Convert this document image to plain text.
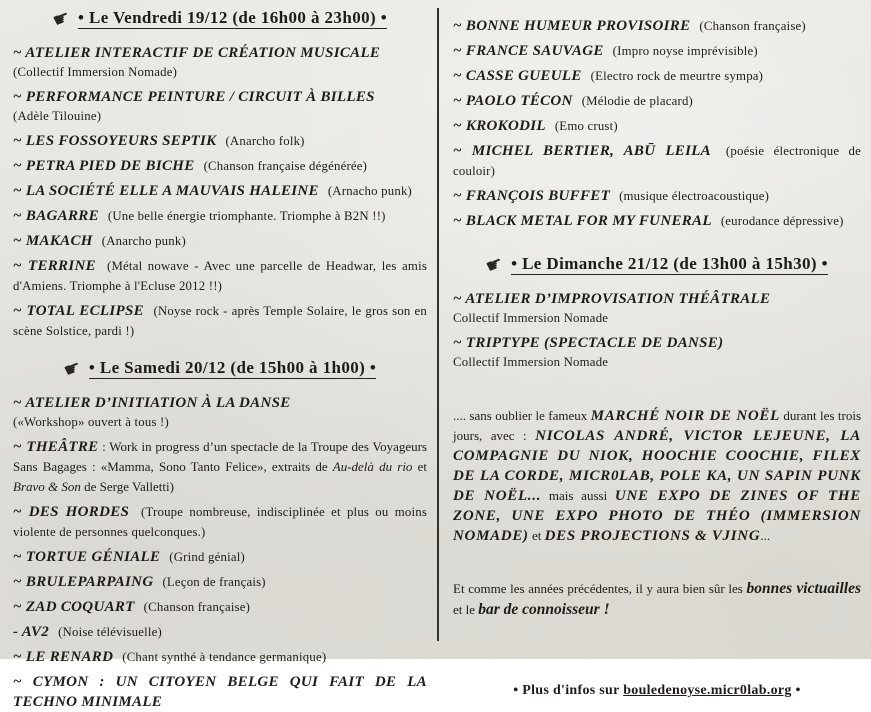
☛ • Le Vendredi 19/12 (de 16h00 à 23h00) •

~ ATELIER INTERACTIF DE CRÉATION MUSICALE
(Collectif Immersion Nomade)

~ PERFORMANCE PEINTURE / CIRCUIT À BILLES
(Adèle Tilouine)

~ LES FOSSOYEURS SEPTIK (Anarcho folk)

~ PETRA PIED DE BICHE (Chanson française dégénérée)

~ LA SOCIÉTÉ ELLE A MAUVAIS HALEINE (Arnacho punk)

~ BAGARRE (Une belle énergie triomphante. Triomphe à B2N !!)

~ MAKACH (Anarcho punk)

~ TERRINE (Métal nowave - Avec une parcelle de Headwar, les amis d'Amiens. Triomphe à l'Ecluse 2012 !!)

~ TOTAL ECLIPSE (Noyse rock - après Temple Solaire, le gros son en scène Solstice, pardi !)

☛ • Le Samedi 20/12 (de 15h00 à 1h00) •

~ ATELIER D’INITIATION À LA DANSE
(«Workshop» ouvert à tous !)

~ THEÂTRE : Work in progress d’un spectacle de la Troupe des Voyageurs Sans Bagages : «Mamma, Sono Tanto Felice», extraits de Au-delà du rio et Bravo & Son de Serge Valletti)

~ DES HORDES (Troupe nombreuse, indisciplinée et plus ou moins violente de personnes quelconques.)

~ TORTUE GÉNIALE (Grind génial)

~ BRULEPARPAING (Leçon de français)

~ ZAD COQUART (Chanson française)

- AV2 (Noise télévisuelle)

~ LE RENARD (Chant synthé à tendance germanique)

~ CYMON : UN CITOYEN BELGE QUI FAIT DE LA TECHNO MINIMALE

~ BONNE HUMEUR PROVISOIRE (Chanson française)

~ FRANCE SAUVAGE (Impro noyse imprévisible)

~ CASSE GUEULE (Electro rock de meurtre sympa)

~ PAOLO TÉCON (Mélodie de placard)

~ KROKODIL (Emo crust)

~ MICHEL BERTIER, ABŪ LEILA (poésie électronique de couloir)

~ FRANÇOIS BUFFET (musique électroacoustique)

~ BLACK METAL FOR MY FUNERAL (eurodance dépressive)

☛ • Le Dimanche 21/12 (de 13h00 à 15h30) •

~ ATELIER D’IMPROVISATION THÉÂTRALE
Collectif Immersion Nomade

~ TRIPTYPE (SPECTACLE DE DANSE)
Collectif Immersion Nomade

.... sans oublier le fameux MARCHÉ NOIR DE NOËL durant les trois jours, avec : NICOLAS ANDRÉ, VICTOR LEJEUNE, LA COMPAGNIE DU NIOK, HOOCHIE COOCHIE, FILEX DE LA CORDE, MICR0LAB, POLE KA, UN SAPIN PUNK DE NOËL... mais aussi UNE EXPO DE ZINES OF THE ZONE, UNE EXPO PHOTO DE THÉO (IMMERSION NOMADE) et DES PROJECTIONS & VJING...

Et comme les années précédentes, il y aura bien sûr les bonnes victuailles et le bar de connoisseur !

• Plus d'infos sur bouledenoyse.micr0lab.org •
